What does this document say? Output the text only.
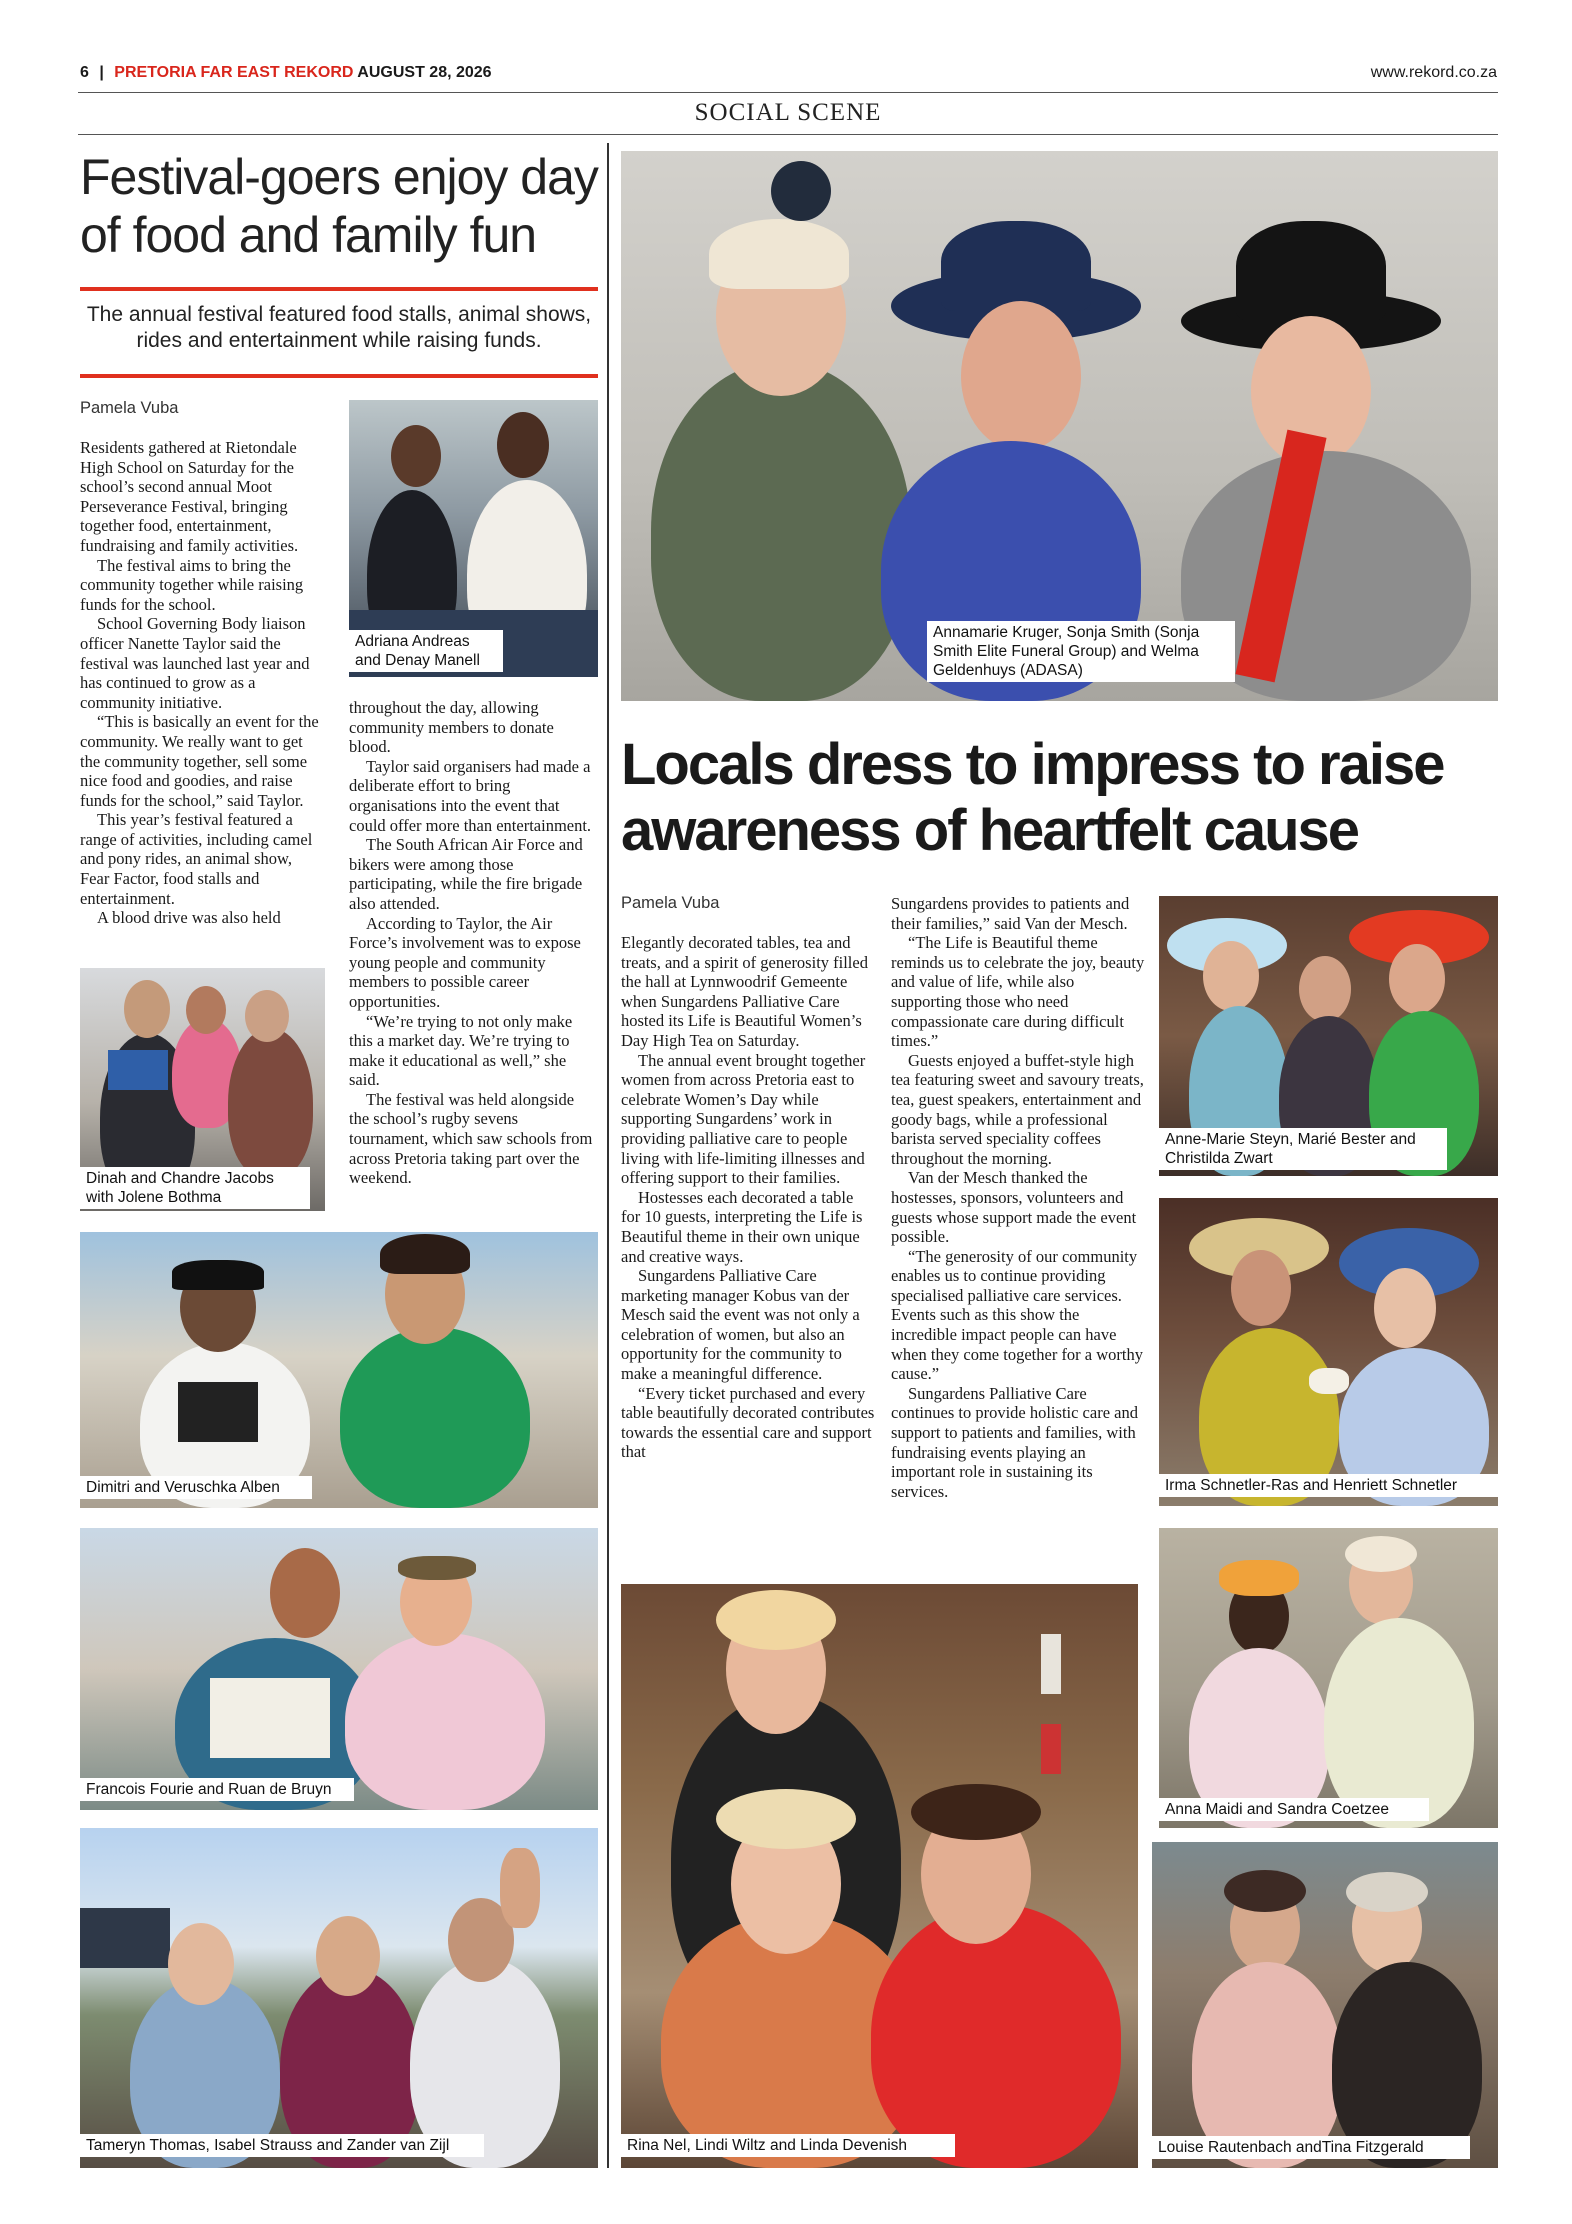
6 | PRETORIA FAR EAST REKORD AUGUST 28, 2026	www.rekord.co.za
SOCIAL SCENE
Festival-goers enjoy day of food and family fun
The annual festival featured food stalls, animal shows, rides and entertainment while raising funds.
Pamela Vuba

Residents gathered at Rietondale High School on Saturday for the school’s second annual Moot Perseverance Festival, bringing together food, entertainment, fundraising and family activities.

The festival aims to bring the community together while raising funds for the school.

School Governing Body liaison officer Nanette Taylor said the festival was launched last year and has continued to grow as a community initiative.

“This is basically an event for the community. We really want to get the community together, sell some nice food and goodies, and raise funds for the school,” said Taylor.

This year’s festival featured a range of activities, including camel and pony rides, an animal show, Fear Factor, food stalls and entertainment.

A blood drive was also held

throughout the day, allowing community members to donate blood.

Taylor said organisers had made a deliberate effort to bring organisations into the event that could offer more than entertainment.

The South African Air Force and bikers were among those participating, while the fire brigade also attended.

According to Taylor, the Air Force’s involvement was to expose young people and community members to possible career opportunities.

“We’re trying to not only make this a market day. We’re trying to make it educational as well,” she said.

The festival was held alongside the school’s rugby sevens tournament, which saw schools from across Pretoria taking part over the weekend.

Adriana Andreas and Denay Manell
Dinah and Chandre Jacobs with Jolene Bothma
Dimitri and Veruschka Alben
Francois Fourie and Ruan de Bruyn
Tameryn Thomas, Isabel Strauss and Zander van Zijl
Annamarie Kruger, Sonja Smith (Sonja Smith Elite Funeral Group) and Welma Geldenhuys (ADASA)
Locals dress to impress to raise awareness of heartfelt cause
Pamela Vuba

Elegantly decorated tables, tea and treats, and a spirit of generosity filled the hall at Lynnwoodrif Gemeente when Sungardens Palliative Care hosted its Life is Beautiful Women’s Day High Tea on Saturday.

The annual event brought together women from across Pretoria east to celebrate Women’s Day while supporting Sungardens’ work in providing palliative care to people living with life-limiting illnesses and offering support to their families.

Hostesses each decorated a table for 10 guests, interpreting the Life is Beautiful theme in their own unique and creative ways.

Sungardens Palliative Care marketing manager Kobus van der Mesch said the event was not only a celebration of women, but also an opportunity for the community to make a meaningful difference.

“Every ticket purchased and every table beautifully decorated contributes towards the essential care and support that

Sungardens provides to patients and their families,” said Van der Mesch.

“The Life is Beautiful theme reminds us to celebrate the joy, beauty and value of life, while also supporting those who need compassionate care during difficult times.”

Guests enjoyed a buffet-style high tea featuring sweet and savoury treats, tea, guest speakers, entertainment and goody bags, while a professional barista served speciality coffees throughout the morning.

Van der Mesch thanked the hostesses, sponsors, volunteers and guests whose support made the event possible.

“The generosity of our community enables us to continue providing specialised palliative care services. Events such as this show the incredible impact people can have when they come together for a worthy cause.”

Sungardens Palliative Care continues to provide holistic care and support to patients and families, with fundraising events playing an important role in sustaining its services.

Anne-Marie Steyn, Marié Bester and Christilda Zwart
Irma Schnetler-Ras and Henriett Schnetler
Anna Maidi and Sandra Coetzee
Rina Nel, Lindi Wiltz and Linda Devenish	Louise Rautenbach andTina Fitzgerald
